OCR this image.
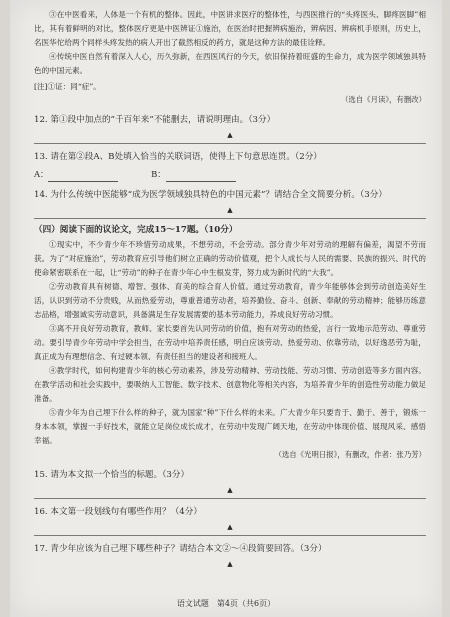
③在中医看来，人体是一个有机的整体。因此，中医讲求医疗的整体性，与西医推行的“头疼医头、脚疼医脚”相比，其有着鲜明的对比，整体医疗更是中医辨证①施治，在医治时把握辨病施治，辨病因、辨病机手原则，历史上，名医华佗给两个同样头疼发热的病人开出了截然相反的药方，就是这种方法的最佳诠释。

④传统中医自然有着深入人心，历久弥新，在西医风行的今天，依旧保持着旺盛的生命力，成为医学领域独具特色的中国元素。

[注]①证：同“症”。

（选自《月读》，有删改）

12. 第①段中加点的“千百年来”不能删去，请说明理由。（3分）

▲

13. 请在第②段A、B处填入恰当的关联词语，使得上下句意思连贯。（2分）

A：	B：

14. 为什么传统中医能够“成为医学领域独具特色的中国元素”？请结合全文简要分析。（3分）

▲

（四）阅读下面的议论文，完成15～17题。（10分）

①现实中，不少青少年不珍惜劳动成果，不想劳动，不会劳动。部分青少年对劳动的理解有偏差，渴望不劳而获。为了“对症施治”，劳动教育应引导他们树立正确的劳动价值观，把个人成长与人民的需要、民族的振兴、时代的使命紧密联系在一起，让“劳动”的种子在青少年心中生根发芽，努力成为新时代的“大我”。

②劳动教育具有树德、增智、强体、育美的综合育人价值。通过劳动教育，青少年能够体会到劳动创造美好生活，认识到劳动不分贵贱，从而热爱劳动，尊重普通劳动者，培养勤俭、奋斗、创新、奉献的劳动精神；能够历练意志品格，增强诚实劳动意识，具备满足生存发展需要的基本劳动能力，养成良好劳动习惯。

③离不开良好劳动教育，教师、家长要首先认同劳动的价值，抱有对劳动的热爱，言行一致地示范劳动、尊重劳动。要引导青少年劳动中学会担当，在劳动中培养责任感，明白应该劳动、热爱劳动、依靠劳动，以好逸恶劳为耻，真正成为有理想信念、有过硬本领、有责任担当的建设者和接班人。

④教学时代，如何构建青少年的核心劳动素养，涉及劳动精神、劳动技能、劳动习惯、劳动创造等多方面内容。在教学活动和社会实践中，要吸纳人工智能、数字技术、创意物化等相关内容，为培养青少年的创造性劳动能力做足准备。

⑤青少年为自己埋下什么样的种子，就为国家“种”下什么样的未来。广大青少年只要肯于、勤于、善于，锻炼一身本本领，掌握一手好技术，就能立足岗位成长成才，在劳动中发现广阔天地，在劳动中体现价值、展现风采、感悟幸福。

（选自《光明日报》，有删改，作者：张乃芳）

15. 请为本文拟一个恰当的标题。（3分）

▲

16. 本文第一段划线句有哪些作用？（4分）

▲

17. 青少年应该为自己埋下哪些种子？请结合本文②～④段简要回答。（3分）

▲
语文试题　第4页（共6页）
